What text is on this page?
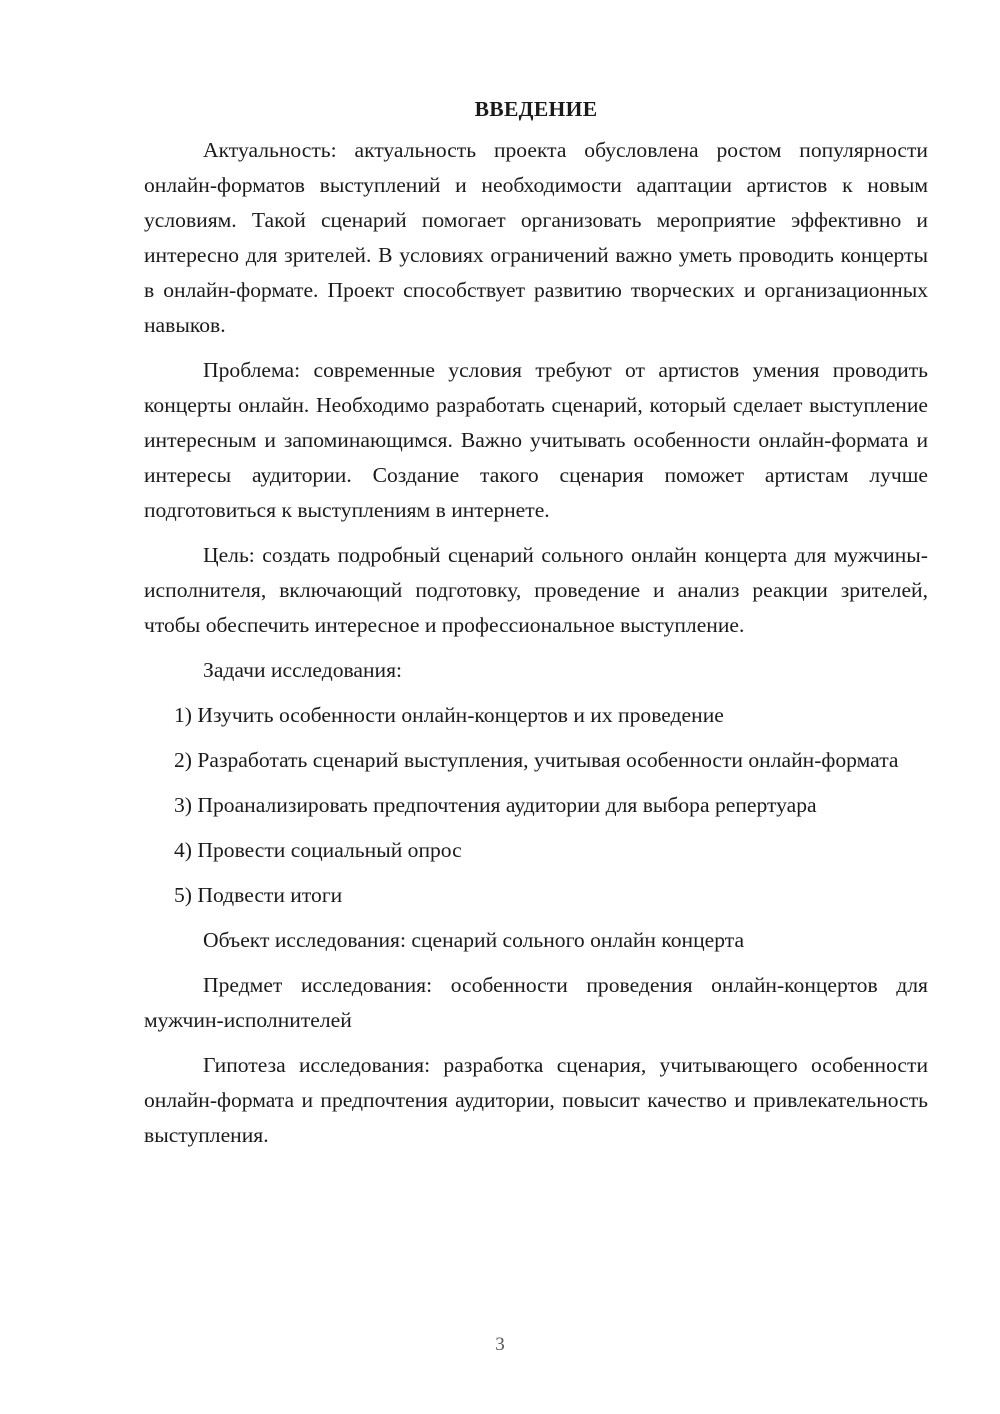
ВВЕДЕНИЕ

Актуальность: актуальность проекта обусловлена ростом популярности онлайн-форматов выступлений и необходимости адаптации артистов к новым условиям. Такой сценарий помогает организовать мероприятие эффективно и интересно для зрителей. В условиях ограничений важно уметь проводить концерты в онлайн-формате. Проект способствует развитию творческих и организационных навыков.

Проблема: современные условия требуют от артистов умения проводить концерты онлайн. Необходимо разработать сценарий, который сделает выступление интересным и запоминающимся. Важно учитывать особенности онлайн-формата и интересы аудитории. Создание такого сценария поможет артистам лучше подготовиться к выступлениям в интернете.

Цель: создать подробный сценарий сольного онлайн концерта для мужчины-исполнителя, включающий подготовку, проведение и анализ реакции зрителей, чтобы обеспечить интересное и профессиональное выступление.

Задачи исследования:

1) Изучить особенности онлайн-концертов и их проведение

2) Разработать сценарий выступления, учитывая особенности онлайн-формата

3) Проанализировать предпочтения аудитории для выбора репертуара

4) Провести социальный опрос

5) Подвести итоги

Объект исследования: сценарий сольного онлайн концерта

Предмет исследования: особенности проведения онлайн-концертов для мужчин-исполнителей

Гипотеза исследования: разработка сценария, учитывающего особенности онлайн-формата и предпочтения аудитории, повысит качество и привлекательность выступления.

3
